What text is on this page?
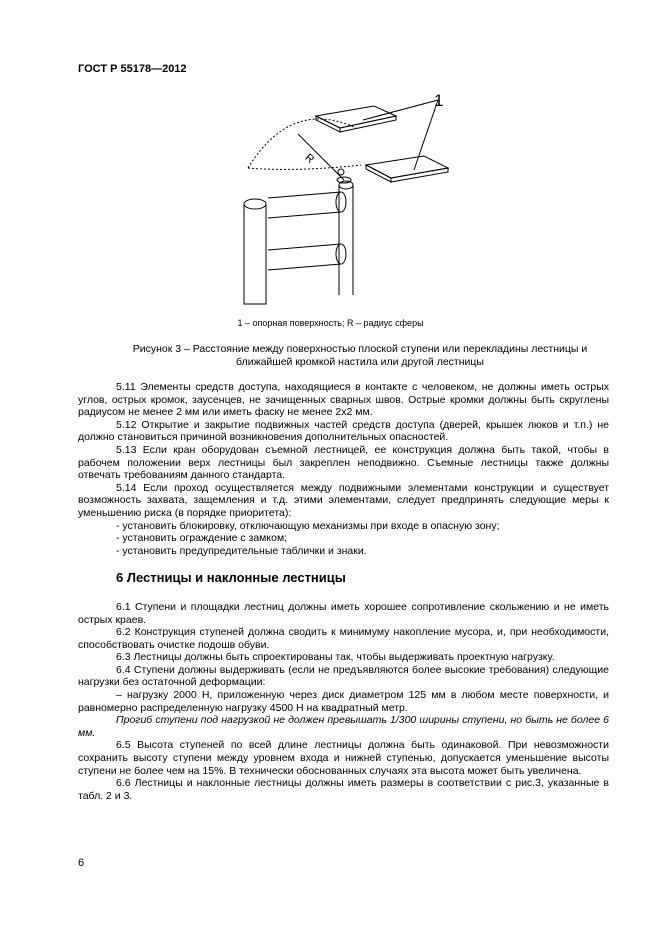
ГОСТ Р 55178—2012
1
R
1 – опорная поверхность; R – радиус сферы
Рисунок 3 – Расстояние между поверхностью плоской ступени или перекладины лестницы и
ближайшей кромкой настила или другой лестницы

5.11 Элементы средств доступа, находящиеся в контакте с человеком, не должны иметь острых углов, острых кромок, заусенцев, не зачищенных сварных швов. Острые кромки должны быть скруглены радиусом не менее 2 мм или иметь фаску не менее 2х2 мм.

5.12 Открытие и закрытие подвижных частей средств доступа (дверей, крышек люков и т.п.) не должно становиться причиной возникновения дополнительных опасностей.

5.13 Если кран оборудован съемной лестницей, ее конструкция должна быть такой, чтобы в рабочем положении верх лестницы был закреплен неподвижно. Съемные лестницы также должны отвечать требованиям данного стандарта.

5.14 Если проход осуществляется между подвижными элементами конструкции и существует возможность захвата, защемления и т.д. этими элементами, следует предпринять следующие меры к уменьшению риска (в порядке приоритета):

- установить блокировку, отключающую механизмы при входе в опасную зону;

- установить ограждение с замком;

- установить предупредительные таблички и знаки.

6 Лестницы и наклонные лестницы

6.1 Ступени и площадки лестниц должны иметь хорошее сопротивление скольжению и не иметь острых краев.

6.2 Конструкция ступеней должна сводить к минимуму накопление мусора, и, при необходимости, способствовать очистке подошв обуви.

6.3 Лестницы должны быть спроектированы так, чтобы выдерживать проектную нагрузку.

6.4 Ступени должны выдерживать (если не предъявляются более высокие требования) следующие нагрузки без остаточной деформации:

– нагрузку 2000 Н, приложенную через диск диаметром 125 мм в любом месте поверхности, и равномерно распределенную нагрузку 4500 Н на квадратный метр.

Прогиб ступени под нагрузкой не должен превышать 1/300 ширины ступени, но быть не более 6 мм.

6.5 Высота ступеней по всей длине лестницы должна быть одинаковой. При невозможности сохранить высоту ступени между уровнем входа и нижней ступенью, допускается уменьшение высоты ступени не более чем на 15%. В технически обоснованных случаях эта высота может быть увеличена.

6.6 Лестницы и наклонные лестницы должны иметь размеры в соответствии с рис.3, указанные в табл. 2 и 3.

6
